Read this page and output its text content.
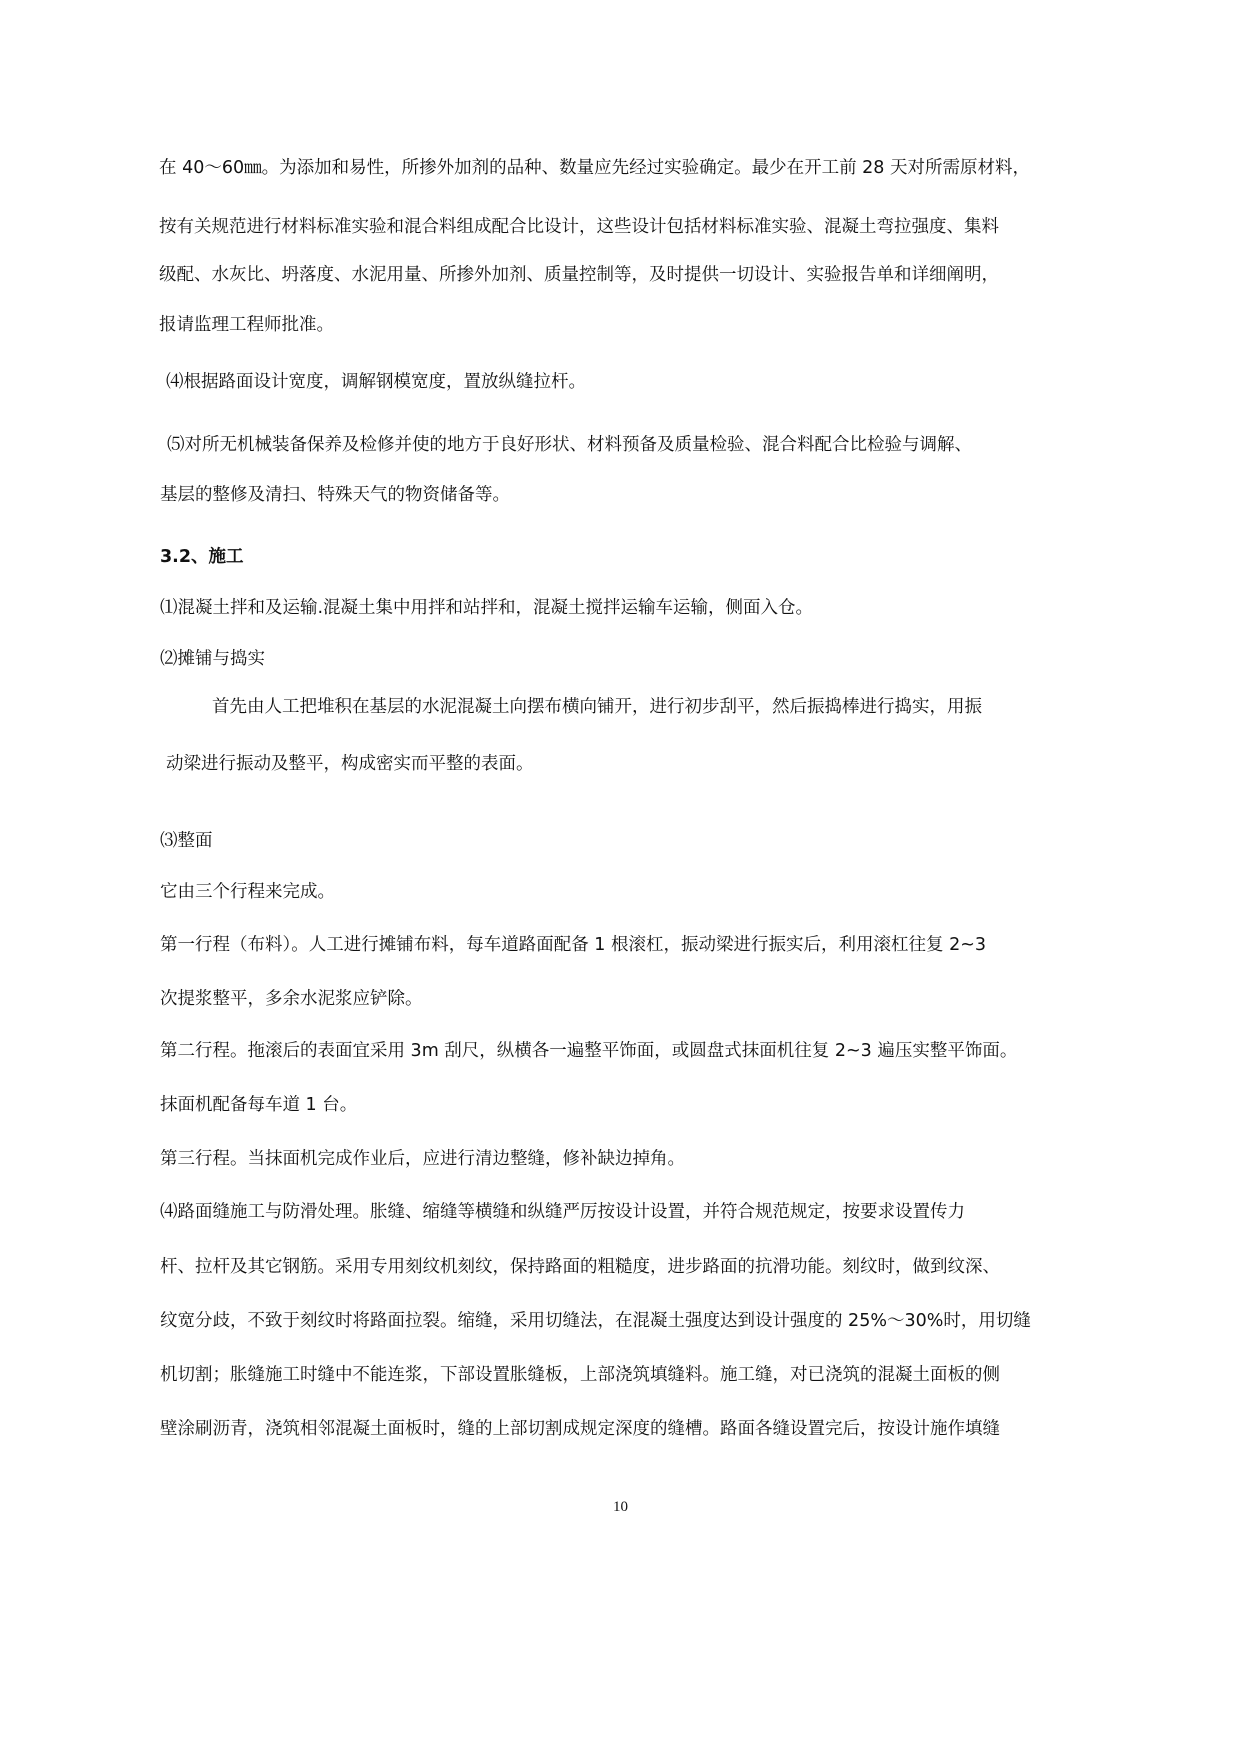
在 40～60㎜。为添加和易性，所掺外加剂的品种、数量应先经过实验确定。最少在开工前 28 天对所需原材料，
按有关规范进行材料标准实验和混合料组成配合比设计，这些设计包括材料标准实验、混凝土弯拉强度、集料
级配、水灰比、坍落度、水泥用量、所掺外加剂、质量控制等，及时提供一切设计、实验报告单和详细阐明，
报请监理工程师批准。
⑷根据路面设计宽度，调解钢模宽度，置放纵缝拉杆。
⑸对所无机械装备保养及检修并使的地方于良好形状、材料预备及质量检验、混合料配合比检验与调解、
基层的整修及清扫、特殊天气的物资储备等。
3.2、施工
⑴混凝土拌和及运输.混凝土集中用拌和站拌和，混凝土搅拌运输车运输，侧面入仓。
⑵摊铺与捣实
首先由人工把堆积在基层的水泥混凝土向摆布横向铺开，进行初步刮平，然后振捣棒进行捣实，用振
动梁进行振动及整平，构成密实而平整的表面。
⑶整面
它由三个行程来完成。
第一行程（布料）。人工进行摊铺布料，每车道路面配备 1 根滚杠，振动梁进行振实后，利用滚杠往复 2~3
次提浆整平，多余水泥浆应铲除。
第二行程。拖滚后的表面宜采用 3m 刮尺，纵横各一遍整平饰面，或圆盘式抹面机往复 2~3 遍压实整平饰面。
抹面机配备每车道 1 台。
第三行程。当抹面机完成作业后，应进行清边整缝，修补缺边掉角。
⑷路面缝施工与防滑处理。胀缝、缩缝等横缝和纵缝严厉按设计设置，并符合规范规定，按要求设置传力
杆、拉杆及其它钢筋。采用专用刻纹机刻纹，保持路面的粗糙度，进步路面的抗滑功能。刻纹时，做到纹深、
纹宽分歧，不致于刻纹时将路面拉裂。缩缝，采用切缝法，在混凝土强度达到设计强度的 25%～30%时，用切缝
机切割；胀缝施工时缝中不能连浆，下部设置胀缝板，上部浇筑填缝料。施工缝，对已浇筑的混凝土面板的侧
壁涂刷沥青，浇筑相邻混凝土面板时，缝的上部切割成规定深度的缝槽。路面各缝设置完后，按设计施作填缝
10
